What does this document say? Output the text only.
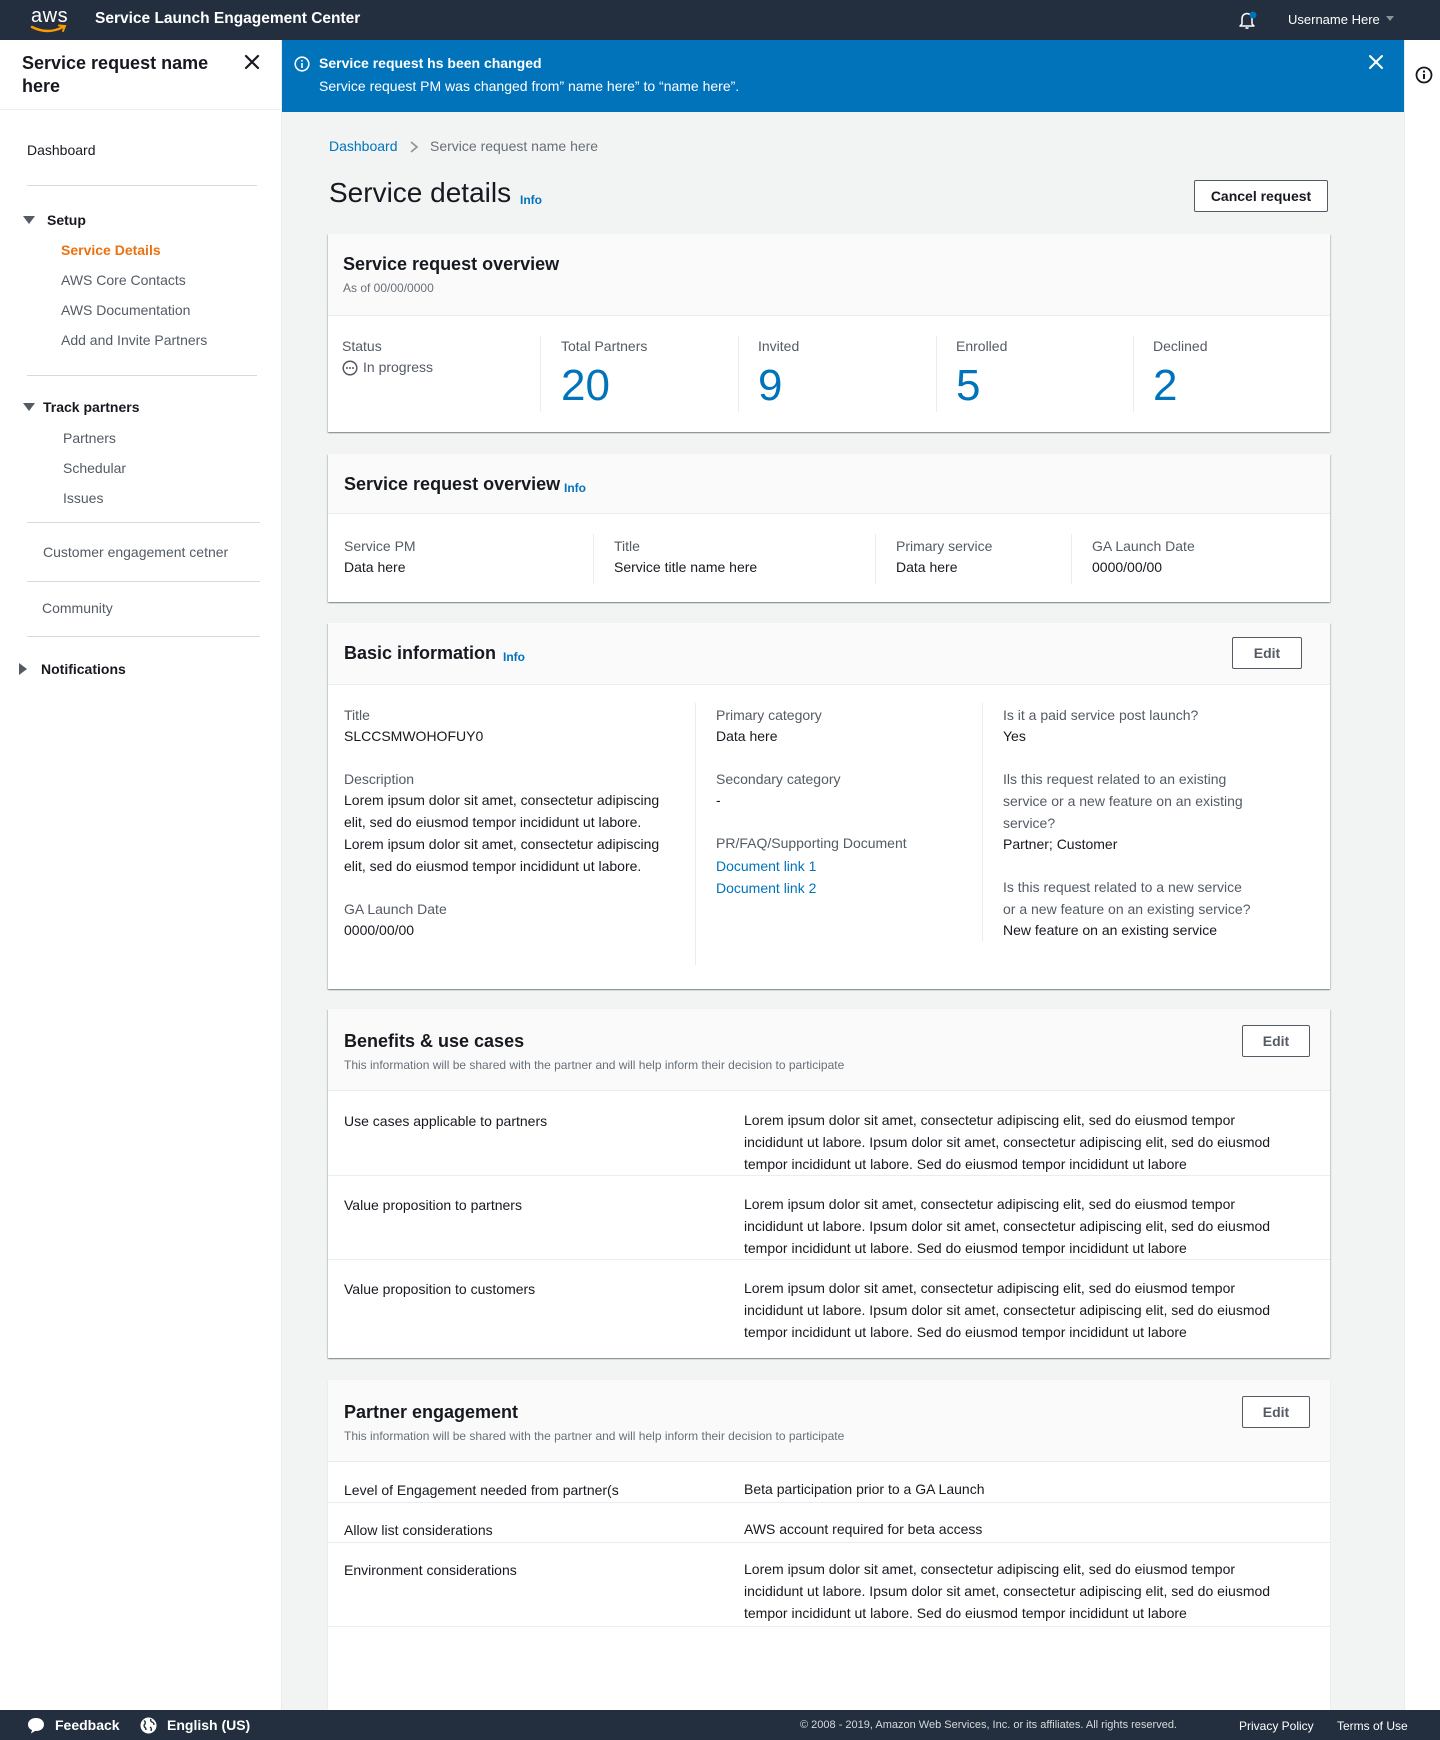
aws Service Launch Engagement Center	Username Here
Service request name here
Dashboard
Setup
Service Details
AWS Core Contacts
AWS Documentation
Add and Invite Partners
Track partners
Partners
Schedular
Issues
Customer engagement cetner
Community
Notifications
Service request hs been changed
Service request PM was changed from” name here” to “name here”.
Dashboard Service request name here
Service details Info	Cancel request
Service request overview
As of 00/00/0000
Status
In progress
Total Partners
20
Invited
9
Enrolled
5
Declined
2
Service request overview Info
Service PM
Data here
Title
Service title name here
Primary service
Data here
GA Launch Date
0000/00/00
Basic information Info	Edit
Title
SLCCSMWOHOFUY0
Description
Lorem ipsum dolor sit amet, consectetur adipiscing
elit, sed do eiusmod tempor incididunt ut labore.
Lorem ipsum dolor sit amet, consectetur adipiscing
elit, sed do eiusmod tempor incididunt ut labore.
GA Launch Date
0000/00/00
Primary category
Data here
Secondary category
-
PR/FAQ/Supporting Document
Document link 1
Document link 2
Is it a paid service post launch?
Yes
Ils this request related to an existing
service or a new feature on an existing
service?
Partner; Customer
Is this request related to a new service
or a new feature on an existing service?
New feature on an existing service
Benefits & use cases
This information will be shared with the partner and will help inform their decision to participate
Edit
Use cases applicable to partners	Lorem ipsum dolor sit amet, consectetur adipiscing elit, sed do eiusmod tempor
incididunt ut labore. Ipsum dolor sit amet, consectetur adipiscing elit, sed do eiusmod
tempor incididunt ut labore. Sed do eiusmod tempor incididunt ut labore
Value proposition to partners	Lorem ipsum dolor sit amet, consectetur adipiscing elit, sed do eiusmod tempor
incididunt ut labore. Ipsum dolor sit amet, consectetur adipiscing elit, sed do eiusmod
tempor incididunt ut labore. Sed do eiusmod tempor incididunt ut labore
Value proposition to customers	Lorem ipsum dolor sit amet, consectetur adipiscing elit, sed do eiusmod tempor
incididunt ut labore. Ipsum dolor sit amet, consectetur adipiscing elit, sed do eiusmod
tempor incididunt ut labore. Sed do eiusmod tempor incididunt ut labore
Partner engagement
This information will be shared with the partner and will help inform their decision to participate
Edit
Level of Engagement needed from partner(s	Beta participation prior to a GA Launch
Allow list considerations	AWS account required for beta access
Environment considerations	Lorem ipsum dolor sit amet, consectetur adipiscing elit, sed do eiusmod tempor
incididunt ut labore. Ipsum dolor sit amet, consectetur adipiscing elit, sed do eiusmod
tempor incididunt ut labore. Sed do eiusmod tempor incididunt ut labore
Feedback	English (US)	© 2008 - 2019, Amazon Web Services, Inc. or its affiliates. All rights reserved.	Privacy Policy Terms of Use
